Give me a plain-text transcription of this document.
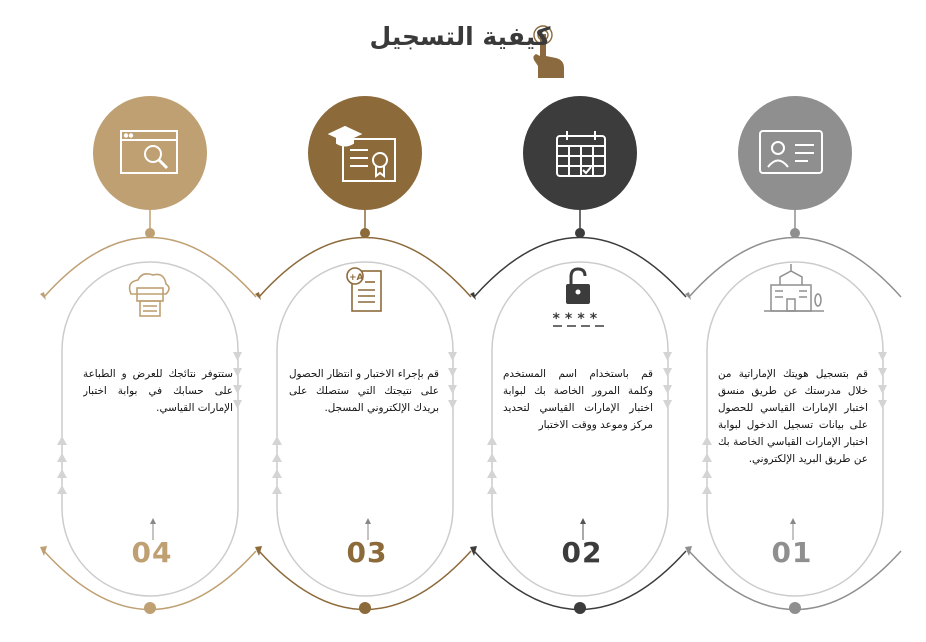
+A
****
كيفية التسجيل
ستتوفر نتائجك للعرض و الطباعة على حسابك في بوابة اختبار الإمارات القياسي.
قم بإجراء الاختبار و انتظار الحصول على نتيجتك التي ستصلك على بريدك الإلكتروني المسجل.
قم باستخدام اسم المستخدم وكلمة المرور الخاصة بك لبوابة اختبار الإمارات القياسي لتحديد مركز وموعد ووقت الاختبار
قم بتسجيل هويتك الإماراتية من خلال مدرستك عن طريق منسق اختبار الإمارات القياسي للحصول على بيانات تسجيل الدخول لبوابة اختبار الإمارات القياسي الخاصة بك عن طريق البريد الإلكتروني.
04	03	02	01
